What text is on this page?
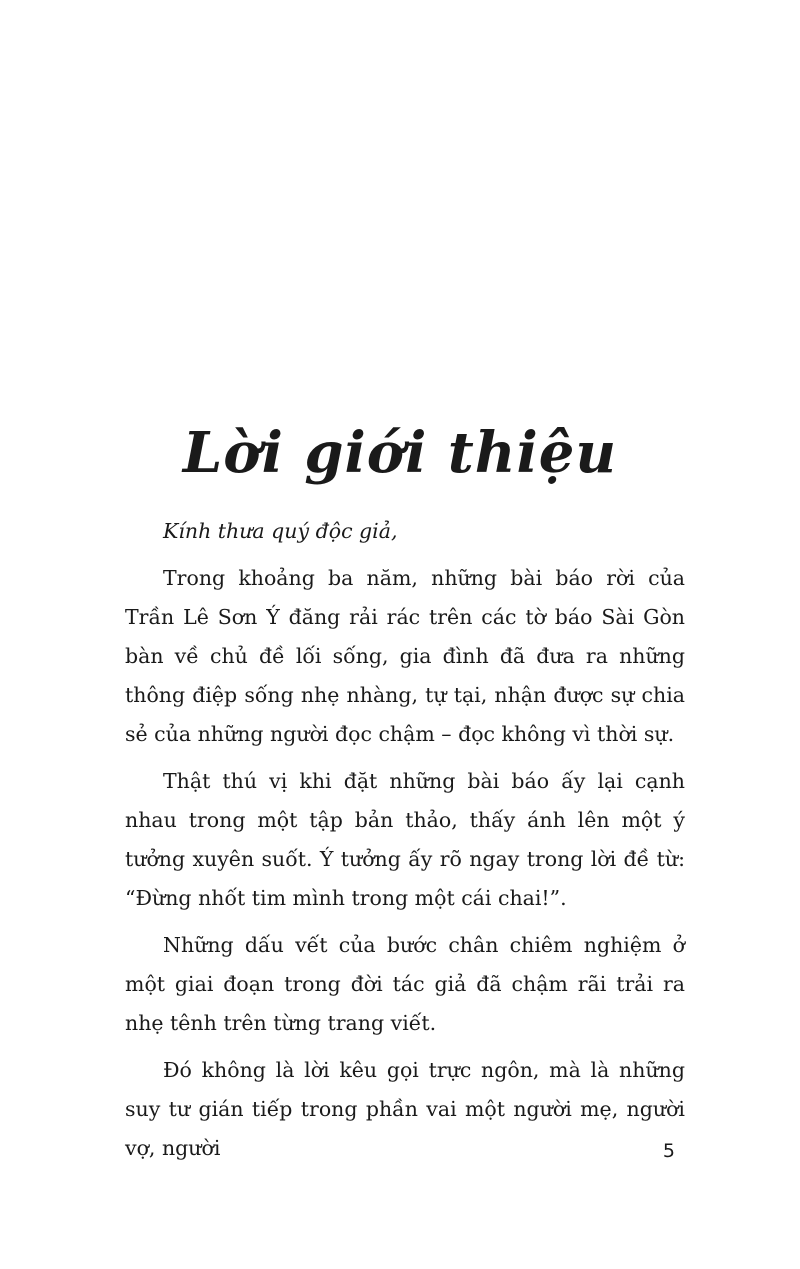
Lời giới thiệu

Kính thưa quý độc giả,

Trong khoảng ba năm, những bài báo rời của Trần Lê Sơn Ý đăng rải rác trên các tờ báo Sài Gòn bàn về chủ đề lối sống, gia đình đã đưa ra những thông điệp sống nhẹ nhàng, tự tại, nhận được sự chia sẻ của những người đọc chậm – đọc không vì thời sự.

Thật thú vị khi đặt những bài báo ấy lại cạnh nhau trong một tập bản thảo, thấy ánh lên một ý tưởng xuyên suốt. Ý tưởng ấy rõ ngay trong lời đề từ: “Đừng nhốt tim mình trong một cái chai!”.

Những dấu vết của bước chân chiêm nghiệm ở một giai đoạn trong đời tác giả đã chậm rãi trải ra nhẹ tênh trên từng trang viết.

Đó không là lời kêu gọi trực ngôn, mà là những suy tư gián tiếp trong phần vai một người mẹ, người vợ, người	5
